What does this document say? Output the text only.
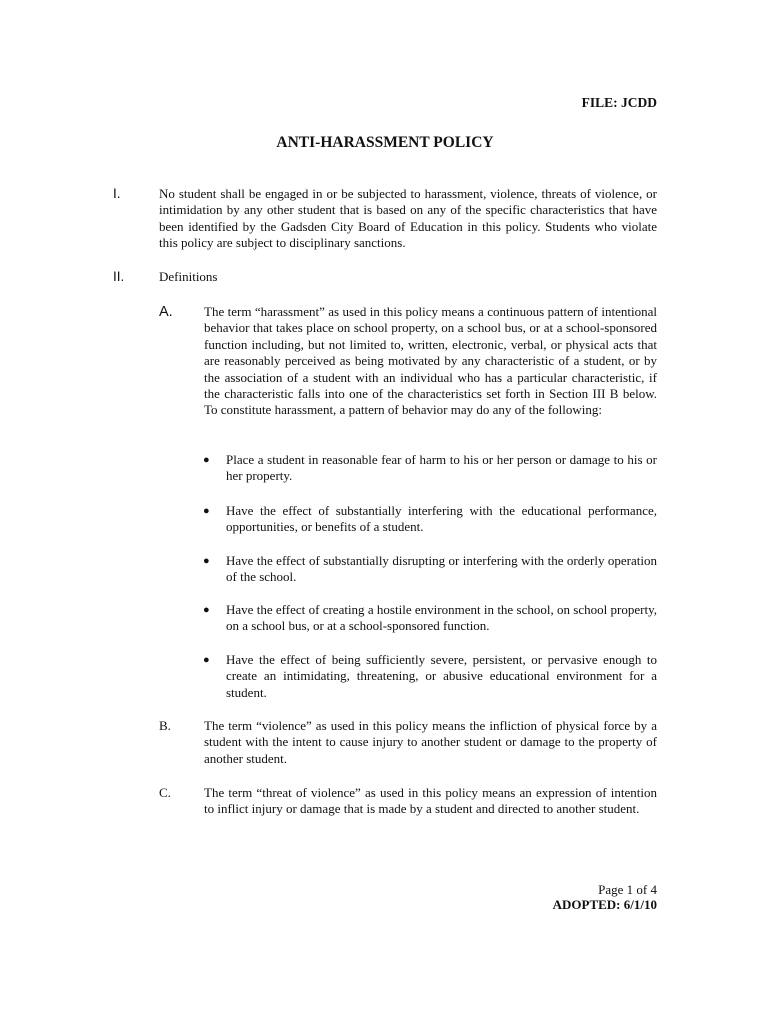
FILE: JCDD
ANTI-HARASSMENT POLICY
I.	No student shall be engaged in or be subjected to harassment, violence, threats of violence, or intimidation by any other student that is based on any of the specific characteristics that have been identified by the Gadsden City Board of Education in this policy. Students who violate this policy are subject to disciplinary sanctions.
II.	Definitions
A. The term “harassment” as used in this policy means a continuous pattern of intentional behavior that takes place on school property, on a school bus, or at a school-sponsored function including, but not limited to, written, electronic, verbal, or physical acts that are reasonably perceived as being motivated by any characteristic of a student, or by the association of a student with an individual who has a particular characteristic, if the characteristic falls into one of the characteristics set forth in Section III B below. To constitute harassment, a pattern of behavior may do any of the following:
● Place a student in reasonable fear of harm to his or her person or damage to his or her property.
● Have the effect of substantially interfering with the educational performance, opportunities, or benefits of a student.
● Have the effect of substantially disrupting or interfering with the orderly operation of the school.
● Have the effect of creating a hostile environment in the school, on school property, on a school bus, or at a school-sponsored function.
● Have the effect of being sufficiently severe, persistent, or pervasive enough to create an intimidating, threatening, or abusive educational environment for a student.
B.	The term “violence” as used in this policy means the infliction of physical force by a student with the intent to cause injury to another student or damage to the property of another student.
C.	The term “threat of violence” as used in this policy means an expression of intention to inflict injury or damage that is made by a student and directed to another student.
Page 1 of 4
ADOPTED: 6/1/10
